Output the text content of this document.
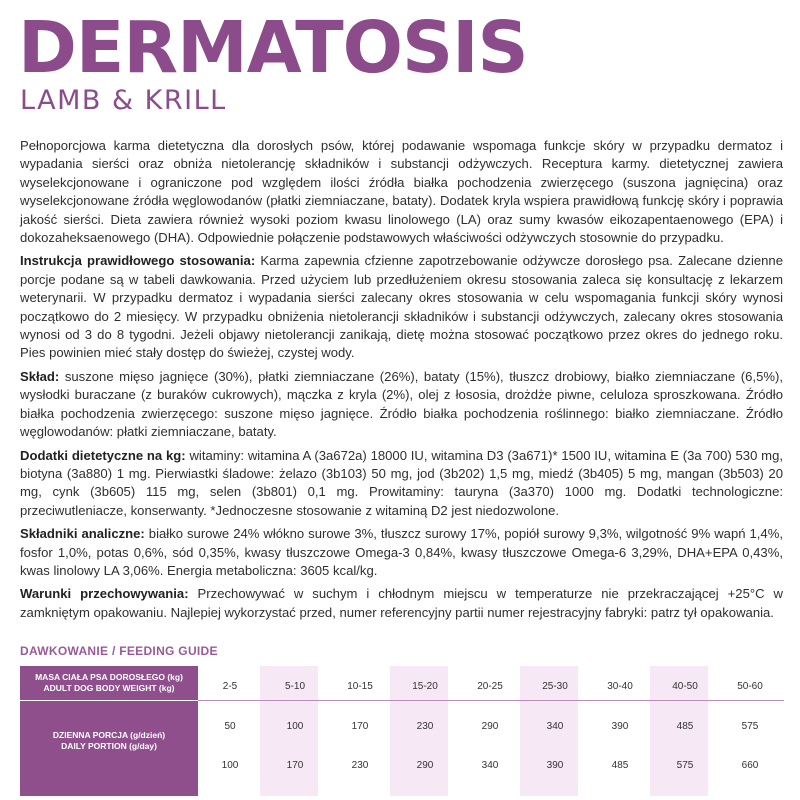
DERMATOSIS
LAMB & KRILL

Pełnoporcjowa karma dietetyczna dla dorosłych psów, której podawanie wspomaga funkcje skóry w przypadku dermatoz i wypadania sierści oraz obniża nietolerancję składników i substancji odżywczych. Receptura karmy. dietetycznej zawiera wyselekcjonowane i ograniczone pod względem ilości źródła białka pochodzenia zwierzęcego (suszona jagnięcina) oraz wyselekcjonowane źródła węglowodanów (płatki ziemniaczane, bataty). Dodatek kryla wspiera prawidłową funkcję skóry i poprawia jakość sierści. Dieta zawiera również wysoki poziom kwasu linolowego (LA) oraz sumy kwasów eikozapentaenowego (EPA) i dokozaheksaenowego (DHA). Odpowiednie połączenie podstawowych właściwości odżywczych stosownie do przypadku.

Instrukcja prawidłowego stosowania: Karma zapewnia cfzienne zapotrzebowanie odżywcze dorosłego psa. Zalecane dzienne porcje podane są w tabeli dawkowania. Przed użyciem lub przedłużeniem okresu stosowania zaleca się konsultację z lekarzem weterynarii. W przypadku dermatoz i wypadania sierści zalecany okres stosowania w celu wspomagania funkcji skóry wynosi początkowo do 2 miesięcy. W przypadku obniżenia nietolerancji składników i substancji odżywczych, zalecany okres stosowania wynosi od 3 do 8 tygodni. Jeżeli objawy nietolerancji zanikają, dietę można stosować początkowo przez okres do jednego roku. Pies powinien mieć stały dostęp do świeżej, czystej wody.

Skład: suszone mięso jagnięce (30%), płatki ziemniaczane (26%), bataty (15%), tłuszcz drobiowy, białko ziemniaczane (6,5%), wysłodki buraczane (z buraków cukrowych), mączka z kryla (2%), olej z łososia, drożdże piwne, celuloza sproszkowana. Źródło białka pochodzenia zwierzęcego: suszone mięso jagnięce. Źródło białka pochodzenia roślinnego: białko ziemniaczane. Źródło węglowodanów: płatki ziemniaczane, bataty.

Dodatki dietetyczne na kg: witaminy: witamina A (3a672a) 18000 IU, witamina D3 (3a671)* 1500 IU, witamina E (3a 700) 530 mg, biotyna (3a880) 1 mg. Pierwiastki śladowe: żelazo (3b103) 50 mg, jod (3b202) 1,5 mg, miedź (3b405) 5 mg, mangan (3b503) 20 mg, cynk (3b605) 115 mg, selen (3b801) 0,1 mg. Prowitaminy: tauryna (3a370) 1000 mg. Dodatki technologiczne: przeciwutleniacze, konserwanty. *Jednoczesne stosowanie z witaminą D2 jest niedozwolone.

Składniki analiczne: białko surowe 24% włókno surowe 3%, tłuszcz surowy 17%, popiół surowy 9,3%, wilgotność 9% wapń 1,4%, fosfor 1,0%, potas 0,6%, sód 0,35%, kwasy tłuszczowe Omega-3 0,84%, kwasy tłuszczowe Omega-6 3,29%, DHA+EPA 0,43%, kwas linolowy LA 3,06%. Energia metaboliczna: 3605 kcal/kg.

Warunki przechowywania: Przechowywać w suchym i chłodnym miejscu w temperaturze nie przekraczającej +25°C w zamkniętym opakowaniu. Najlepiej wykorzystać przed, numer referencyjny partii numer rejestracyjny fabryki: patrz tył opakowania.

DAWKOWANIE / FEEDING GUIDE
MASA CIAŁA PSA DOROSŁEGO (kg)
ADULT DOG BODY WEIGHT (kg)
DZIENNA PORCJA (g/dzień)
DAILY PORTION (g/day)
2-5	5-10	10-15	15-20	20-25	25-30	30-40	40-50	50-60
50	100	170	230	290	340	390	485	575
100	170	230	290	340	390	485	575	660
